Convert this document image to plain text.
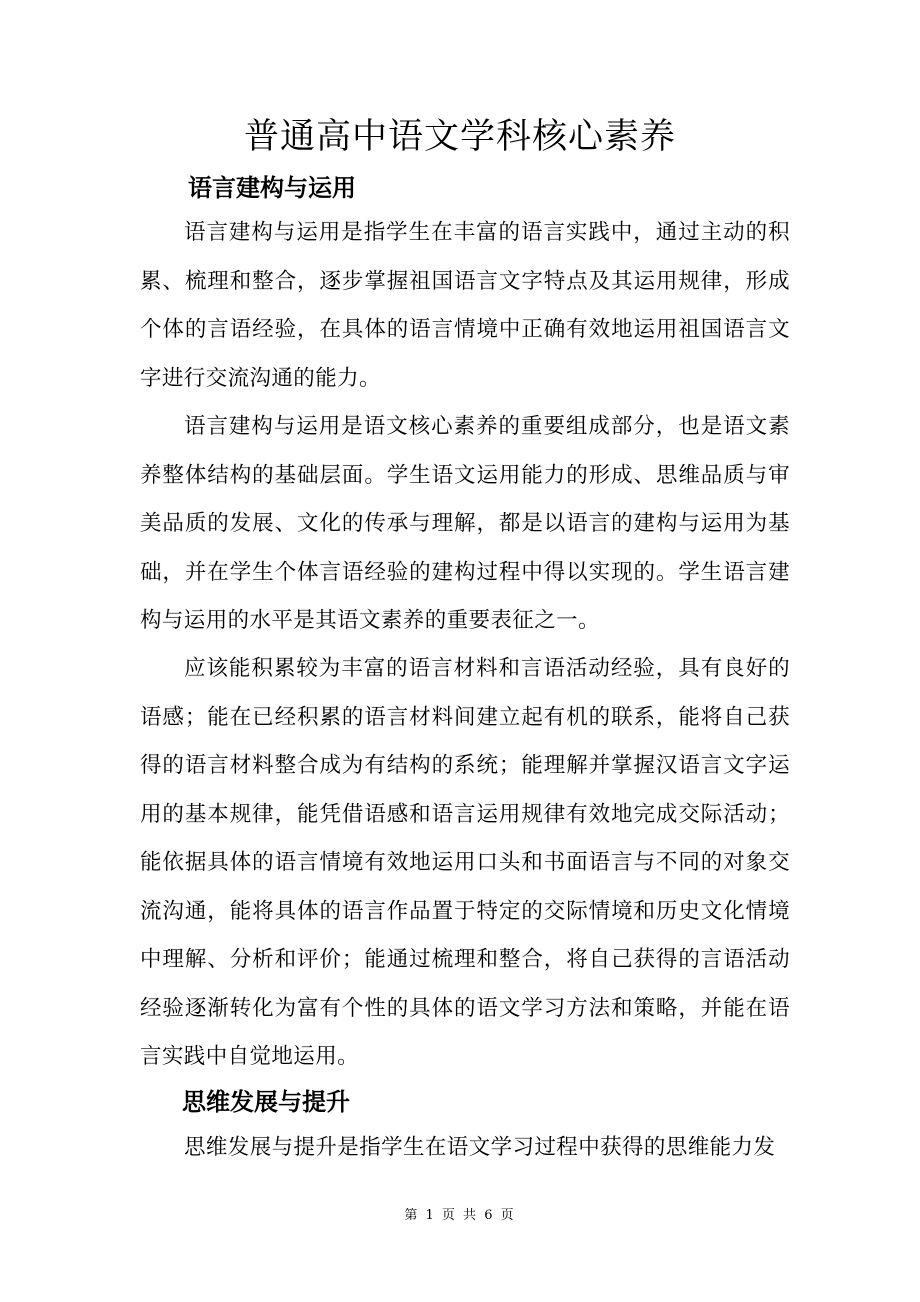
普通高中语文学科核心素养
语言建构与运用

语言建构与运用是指学生在丰富的语言实践中，通过主动的积累、梳理和整合，逐步掌握祖国语言文字特点及其运用规律，形成个体的言语经验，在具体的语言情境中正确有效地运用祖国语言文字进行交流沟通的能力。

语言建构与运用是语文核心素养的重要组成部分，也是语文素养整体结构的基础层面。学生语文运用能力的形成、思维品质与审美品质的发展、文化的传承与理解，都是以语言的建构与运用为基础，并在学生个体言语经验的建构过程中得以实现的。学生语言建构与运用的水平是其语文素养的重要表征之一。

应该能积累较为丰富的语言材料和言语活动经验，具有良好的语感；能在已经积累的语言材料间建立起有机的联系，能将自己获得的语言材料整合成为有结构的系统；能理解并掌握汉语言文字运用的基本规律，能凭借语感和语言运用规律有效地完成交际活动；能依据具体的语言情境有效地运用口头和书面语言与不同的对象交流沟通，能将具体的语言作品置于特定的交际情境和历史文化情境中理解、分析和评价；能通过梳理和整合，将自己获得的言语活动经验逐渐转化为富有个性的具体的语文学习方法和策略，并能在语言实践中自觉地运用。

思维发展与提升

思维发展与提升是指学生在语文学习过程中获得的思维能力发

第 1 页 共 6 页
